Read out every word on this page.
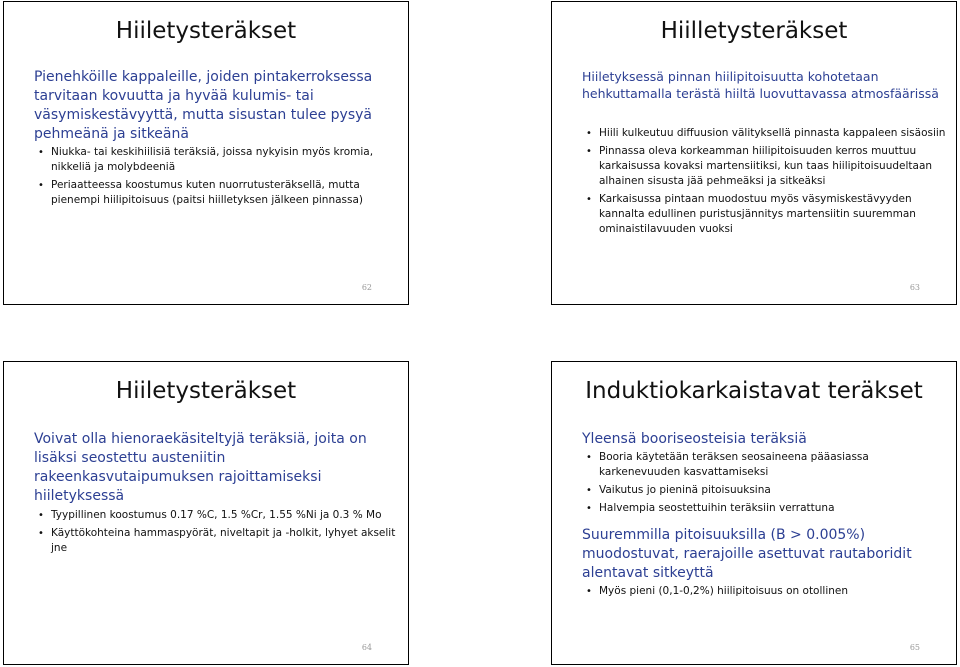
Hiiletysteräkset
Pienehköille kappaleille, joiden pintakerroksessa tarvitaan kovuutta ja hyvää kulumis- tai väsymiskestävyyttä, mutta sisustan tulee pysyä pehmeänä ja sitkeänä
• Niukka- tai keskihiilisiä teräksiä, joissa nykyisin myös kromia, nikkeliä ja molybdeeniä
• Periaatteessa koostumus kuten nuorrutusteräksellä, mutta pienempi hiilipitoisuus (paitsi hiilletyksen jälkeen pinnassa)
62
Hiilletysteräkset
Hiiletyksessä pinnan hiilipitoisuutta kohotetaan hehkuttamalla terästä hiiltä luovuttavassa atmosfäärissä
• Hiili kulkeutuu diffuusion välityksellä pinnasta kappaleen sisäosiin
• Pinnassa oleva korkeamman hiilipitoisuuden kerros muuttuu karkaisussa kovaksi martensiitiksi, kun taas hiilipitoisuudeltaan alhainen sisusta jää pehmeäksi ja sitkeäksi
• Karkaisussa pintaan muodostuu myös väsymiskestävyyden kannalta edullinen puristusjännitys martensiitin suuremman ominaistilavuuden vuoksi
63
Hiiletysteräkset
Voivat olla hienoraekäsiteltyjä teräksiä, joita on lisäksi seostettu austeniitin rakeenkasvutaipumuksen rajoittamiseksi hiiletyksessä
• Tyypillinen koostumus 0.17 %C, 1.5 %Cr, 1.55 %Ni ja 0.3 % Mo
• Käyttökohteina hammaspyörät, niveltapit ja -holkit, lyhyet akselit jne
64
Induktiokarkaistavat teräkset
Yleensä booriseosteisia teräksiä
• Booria käytetään teräksen seosaineena pääasiassa karkenevuuden kasvattamiseksi
• Vaikutus jo pieninä pitoisuuksina
• Halvempia seostettuihin teräksiin verrattuna
Suuremmilla pitoisuuksilla (B > 0.005%) muodostuvat, raerajoille asettuvat rautaboridit alentavat sitkeyttä
• Myös pieni (0,1-0,2%) hiilipitoisuus on otollinen
65
